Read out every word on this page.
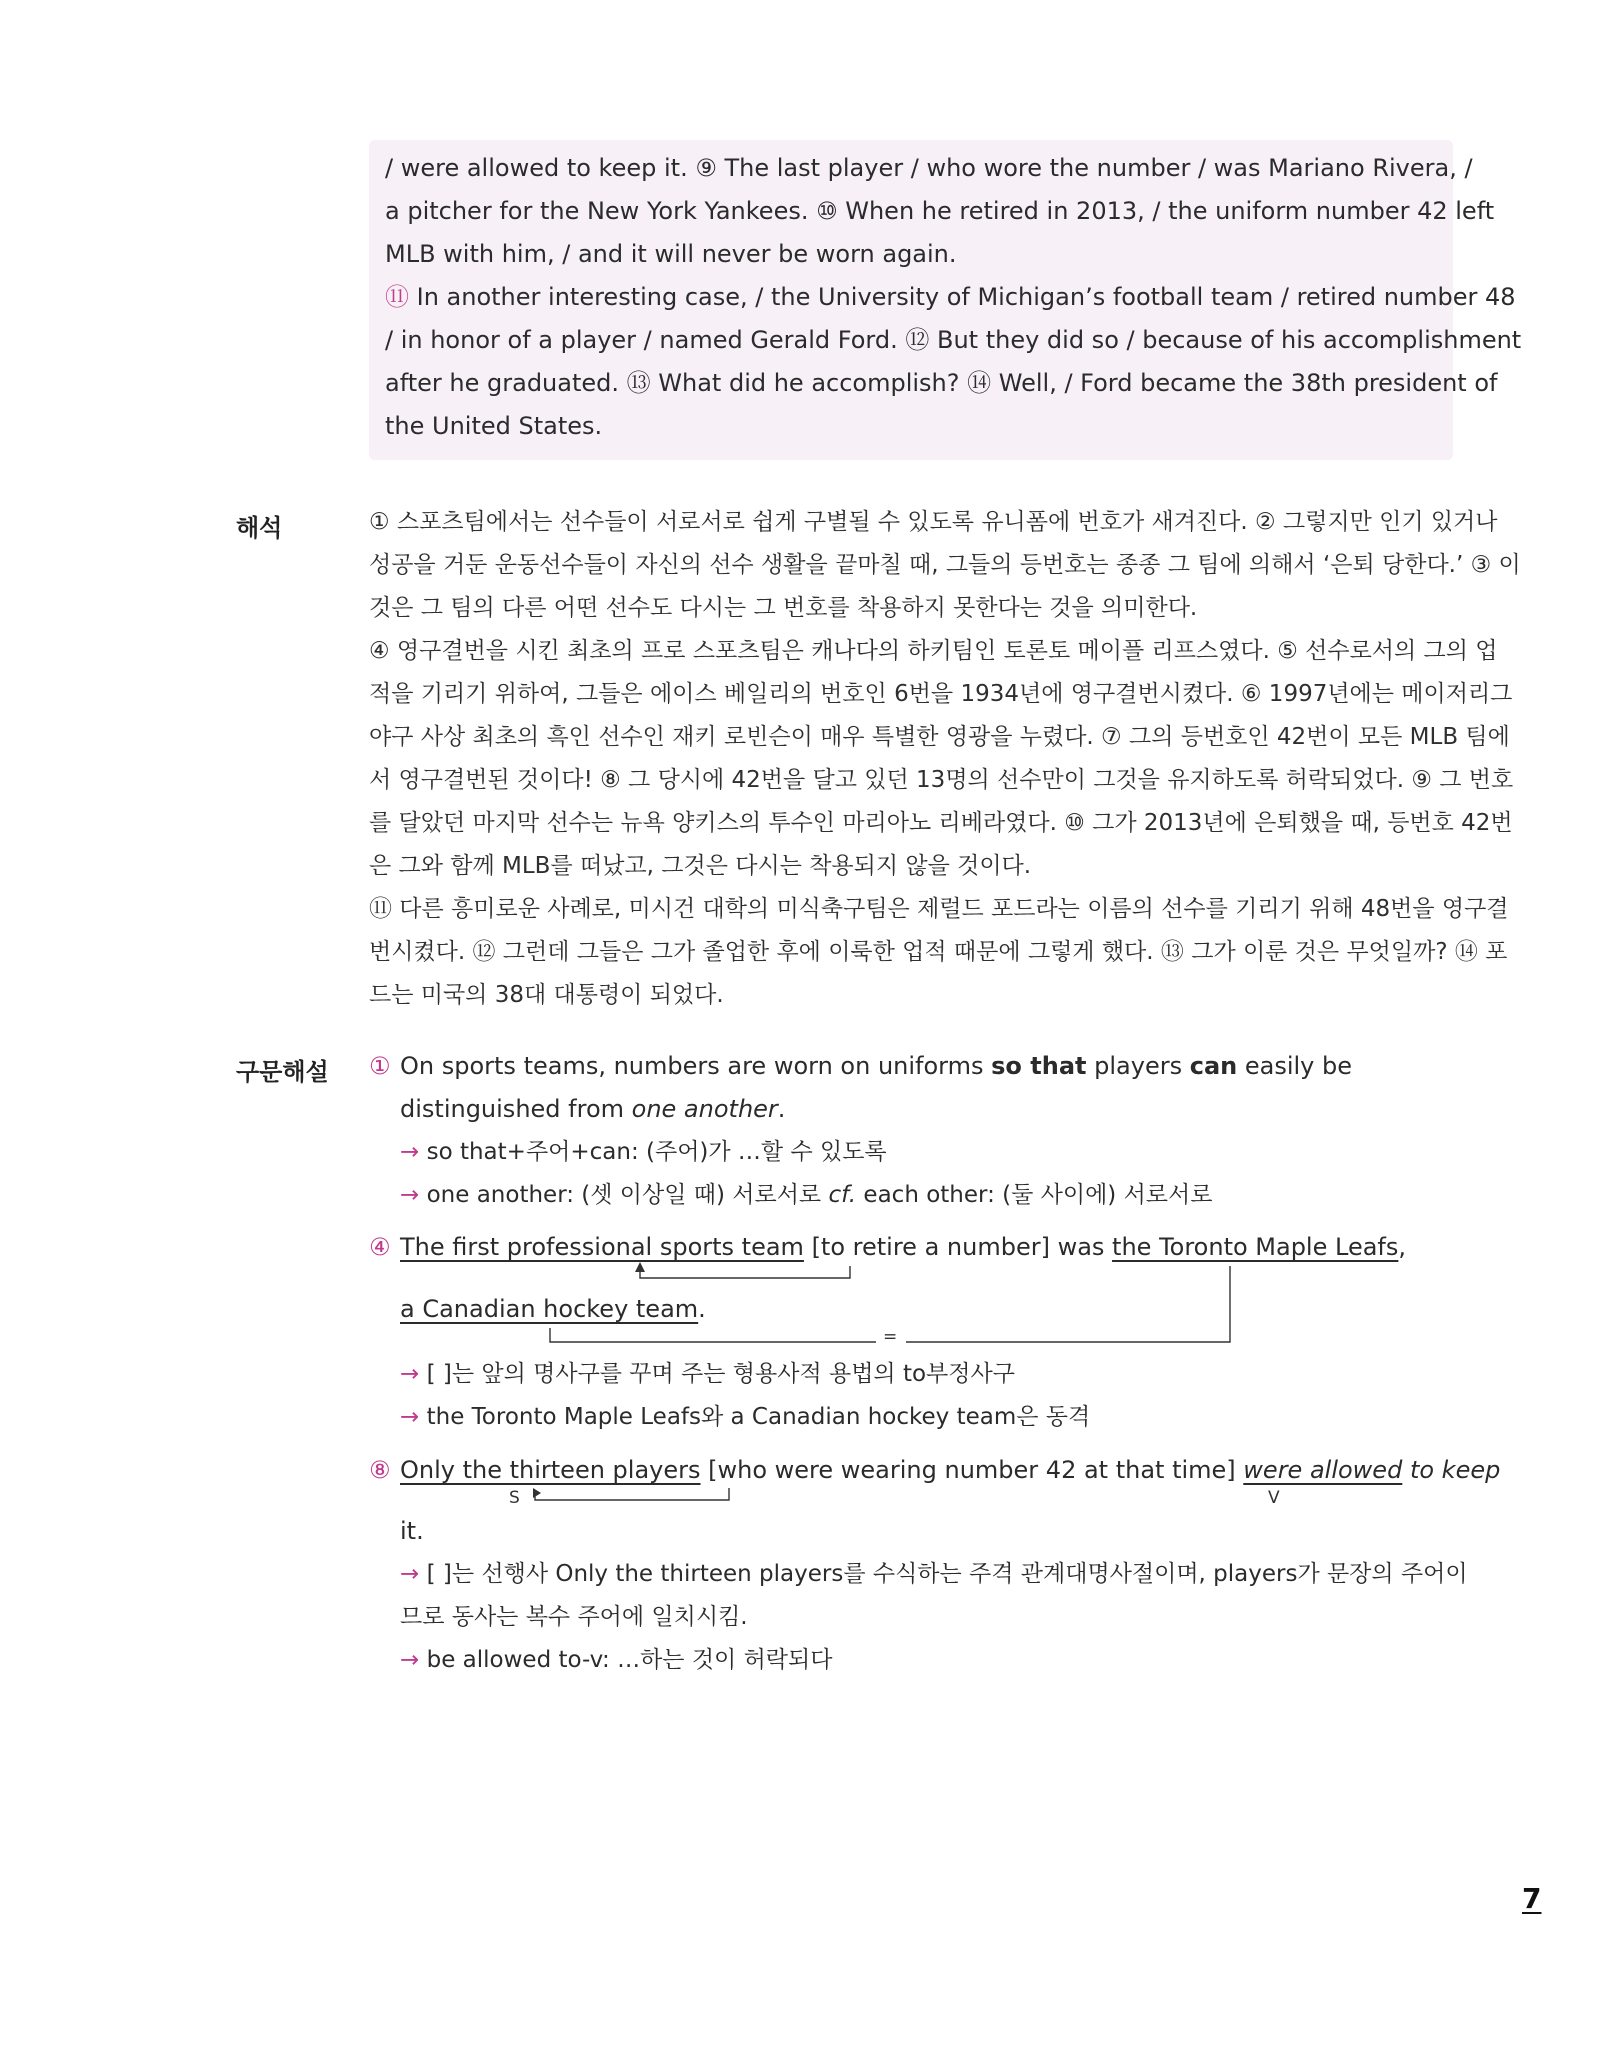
/ were allowed to keep it. ⑨ The last player / who wore the number / was Mariano Rivera, /
a pitcher for the New York Yankees. ⑩ When he retired in 2013, / the uniform number 42 left
MLB with him, / and it will never be worn again.
⑪ In another interesting case, / the University of Michigan’s football team / retired number 48
/ in honor of a player / named Gerald Ford. ⑫ But they did so / because of his accomplishment
after he graduated. ⑬ What did he accomplish? ⑭ Well, / Ford became the 38th president of
the United States.
해석	① 스포츠팀에서는 선수들이 서로서로 쉽게 구별될 수 있도록 유니폼에 번호가 새겨진다. ② 그렇지만 인기 있거나
성공을 거둔 운동선수들이 자신의 선수 생활을 끝마칠 때, 그들의 등번호는 종종 그 팀에 의해서 ‘은퇴 당한다.’ ③ 이
것은 그 팀의 다른 어떤 선수도 다시는 그 번호를 착용하지 못한다는 것을 의미한다.
④ 영구결번을 시킨 최초의 프로 스포츠팀은 캐나다의 하키팀인 토론토 메이플 리프스였다. ⑤ 선수로서의 그의 업
적을 기리기 위하여, 그들은 에이스 베일리의 번호인 6번을 1934년에 영구결번시켰다. ⑥ 1997년에는 메이저리그
야구 사상 최초의 흑인 선수인 재키 로빈슨이 매우 특별한 영광을 누렸다. ⑦ 그의 등번호인 42번이 모든 MLB 팀에
서 영구결번된 것이다! ⑧ 그 당시에 42번을 달고 있던 13명의 선수만이 그것을 유지하도록 허락되었다. ⑨ 그 번호
를 달았던 마지막 선수는 뉴욕 양키스의 투수인 마리아노 리베라였다. ⑩ 그가 2013년에 은퇴했을 때, 등번호 42번
은 그와 함께 MLB를 떠났고, 그것은 다시는 착용되지 않을 것이다.
⑪ 다른 흥미로운 사례로, 미시건 대학의 미식축구팀은 제럴드 포드라는 이름의 선수를 기리기 위해 48번을 영구결
번시켰다. ⑫ 그런데 그들은 그가 졸업한 후에 이룩한 업적 때문에 그렇게 했다. ⑬ 그가 이룬 것은 무엇일까? ⑭ 포
드는 미국의 38대 대통령이 되었다.
구문해설 ① On sports teams, numbers are worn on uniforms so that players can easily be
distinguished from one another.
→ so that+주어+can: (주어)가 …할 수 있도록
→ one another: (셋 이상일 때) 서로서로 cf. each other: (둘 사이에) 서로서로
④ The first professional sports team [to retire a number] was the Toronto Maple Leafs,
a Canadian hockey team.
=
→ [ ]는 앞의 명사구를 꾸며 주는 형용사적 용법의 to부정사구
→ the Toronto Maple Leafs와 a Canadian hockey team은 동격
⑧ Only the thirteen players [who were wearing number 42 at that time] were allowed to keep
S	V
it.
→ [ ]는 선행사 Only the thirteen players를 수식하는 주격 관계대명사절이며, players가 문장의 주어이
므로 동사는 복수 주어에 일치시킴.
→ be allowed to-v: …하는 것이 허락되다
7
